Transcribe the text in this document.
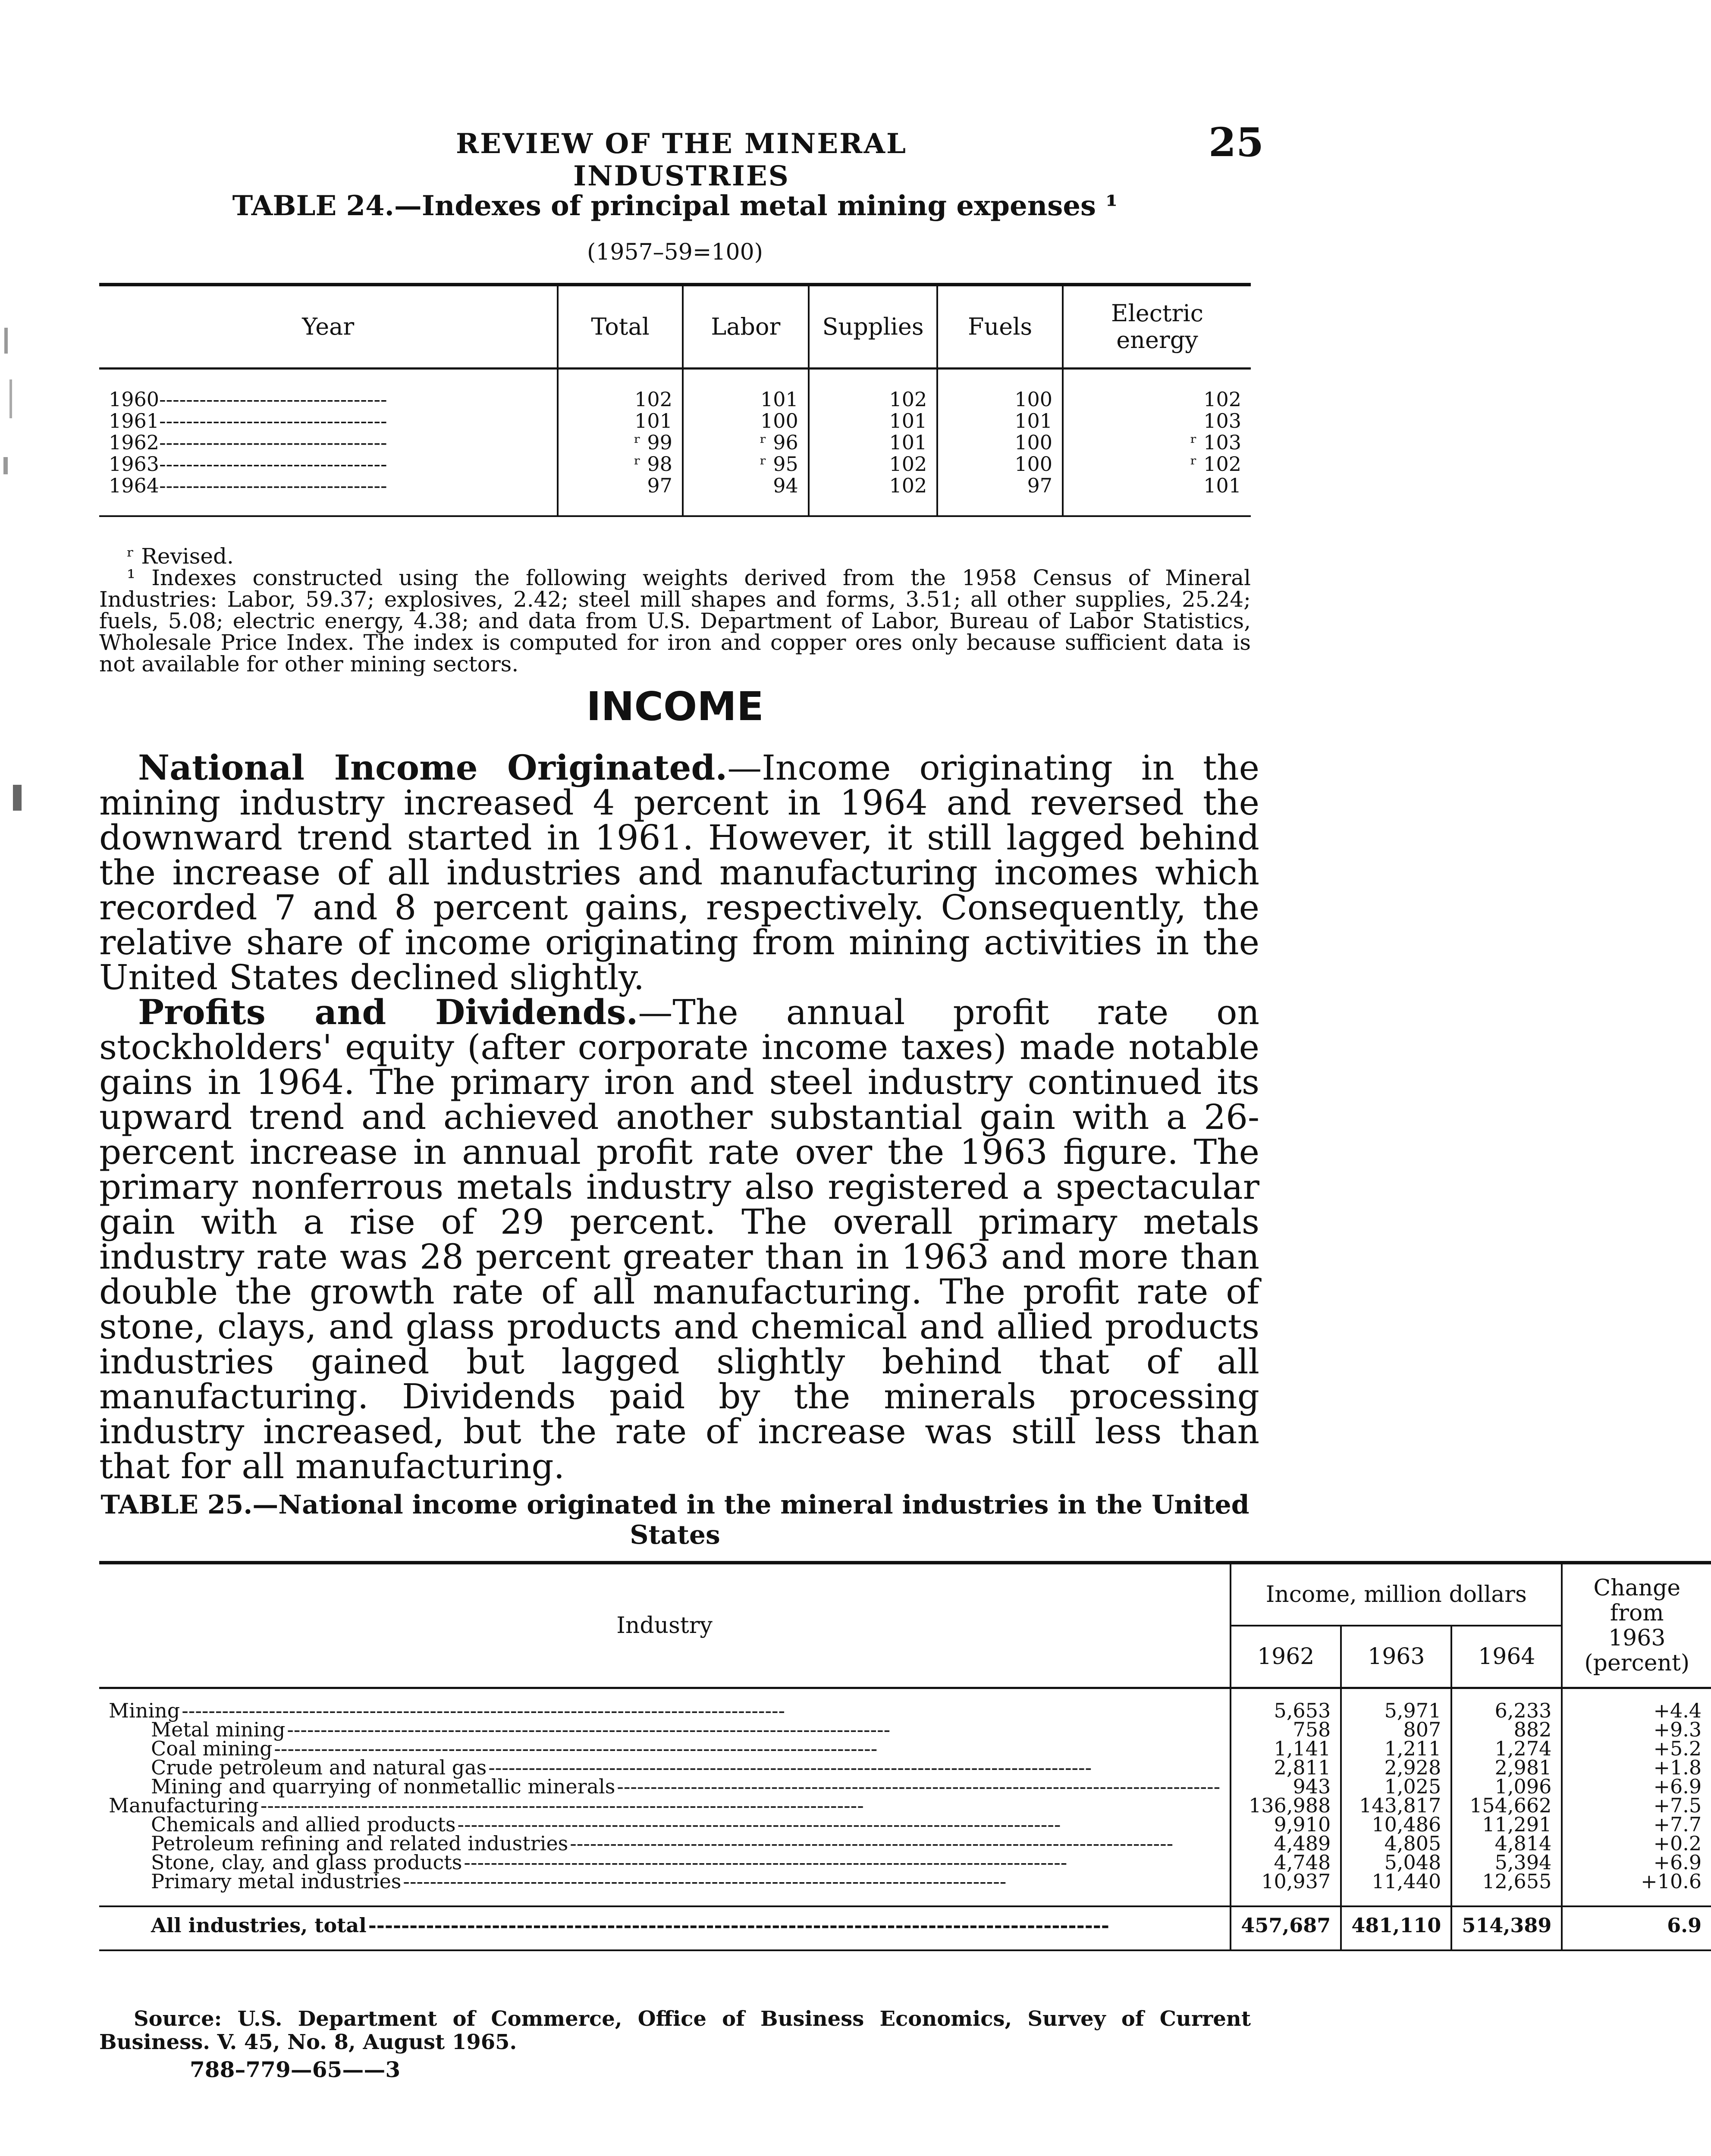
REVIEW OF THE MINERAL INDUSTRIES
25
TABLE 24.—Indexes of principal metal mining expenses ¹
(1957–59=100)
Year	Total	Labor	Supplies	Fuels	Electric energy
1960----------------------------------	102	101	102	100	102
1961----------------------------------	101	100	101	101	103
1962----------------------------------	ʳ 99	ʳ 96	101	100	ʳ 103
1963----------------------------------	ʳ 98	ʳ 95	102	100	ʳ 102
1964----------------------------------	97	94	102	97	101

ʳ Revised.

¹ Indexes constructed using the following weights derived from the 1958 Census of Mineral Industries: Labor, 59.37; explosives, 2.42; steel mill shapes and forms, 3.51; all other supplies, 25.24; fuels, 5.08; electric energy, 4.38; and data from U.S. Department of Labor, Bureau of Labor Statistics, Wholesale Price Index. The index is computed for iron and copper ores only because sufficient data is not available for other mining sectors.

INCOME

National Income Originated.—Income originating in the mining industry increased 4 percent in 1964 and reversed the downward trend started in 1961. However, it still lagged behind the increase of all industries and manufacturing incomes which recorded 7 and 8 percent gains, respectively. Consequently, the relative share of income originating from mining activities in the United States declined slightly.

Profits and Dividends.—The annual profit rate on stockholders' equity (after corporate income taxes) made notable gains in 1964. The primary iron and steel industry continued its upward trend and achieved another substantial gain with a 26-percent increase in annual profit rate over the 1963 figure. The primary nonferrous metals industry also registered a spectacular gain with a rise of 29 percent. The overall primary metals industry rate was 28 percent greater than in 1963 and more than double the growth rate of all manufacturing. The profit rate of stone, clays, and glass products and chemical and allied products industries gained but lagged slightly behind that of all manufacturing. Dividends paid by the minerals processing industry increased, but the rate of increase was still less than that for all manufacturing.

TABLE 25.—National income originated in the mineral industries in the United States
Industry	Income, million dollars			Change from 1963 (percent)
	1962	1963	1964	

Mining ------------------------------------------------------------------------------------------	5,653	5,971	6,233	+4.4

Metal mining ------------------------------------------------------------------------------------------	758	807	882	+9.3

Coal mining ------------------------------------------------------------------------------------------	1,141	1,211	1,274	+5.2

Crude petroleum and natural gas ------------------------------------------------------------------------------------------	2,811	2,928	2,981	+1.8

Mining and quarrying of nonmetallic minerals ------------------------------------------------------------------------------------------	943	1,025	1,096	+6.9

Manufacturing ------------------------------------------------------------------------------------------	136,988	143,817	154,662	+7.5

Chemicals and allied products ------------------------------------------------------------------------------------------	9,910	10,486	11,291	+7.7

Petroleum refining and related industries ------------------------------------------------------------------------------------------	4,489	4,805	4,814	+0.2

Stone, clay, and glass products ------------------------------------------------------------------------------------------	4,748	5,048	5,394	+6.9

Primary metal industries ------------------------------------------------------------------------------------------	10,937	11,440	12,655	+10.6

All industries, total ------------------------------------------------------------------------------------------	457,687	481,110	514,389	6.9

Source: U.S. Department of Commerce, Office of Business Economics, Survey of Current Business. V. 45, No. 8, August 1965.

788–779—65——3
